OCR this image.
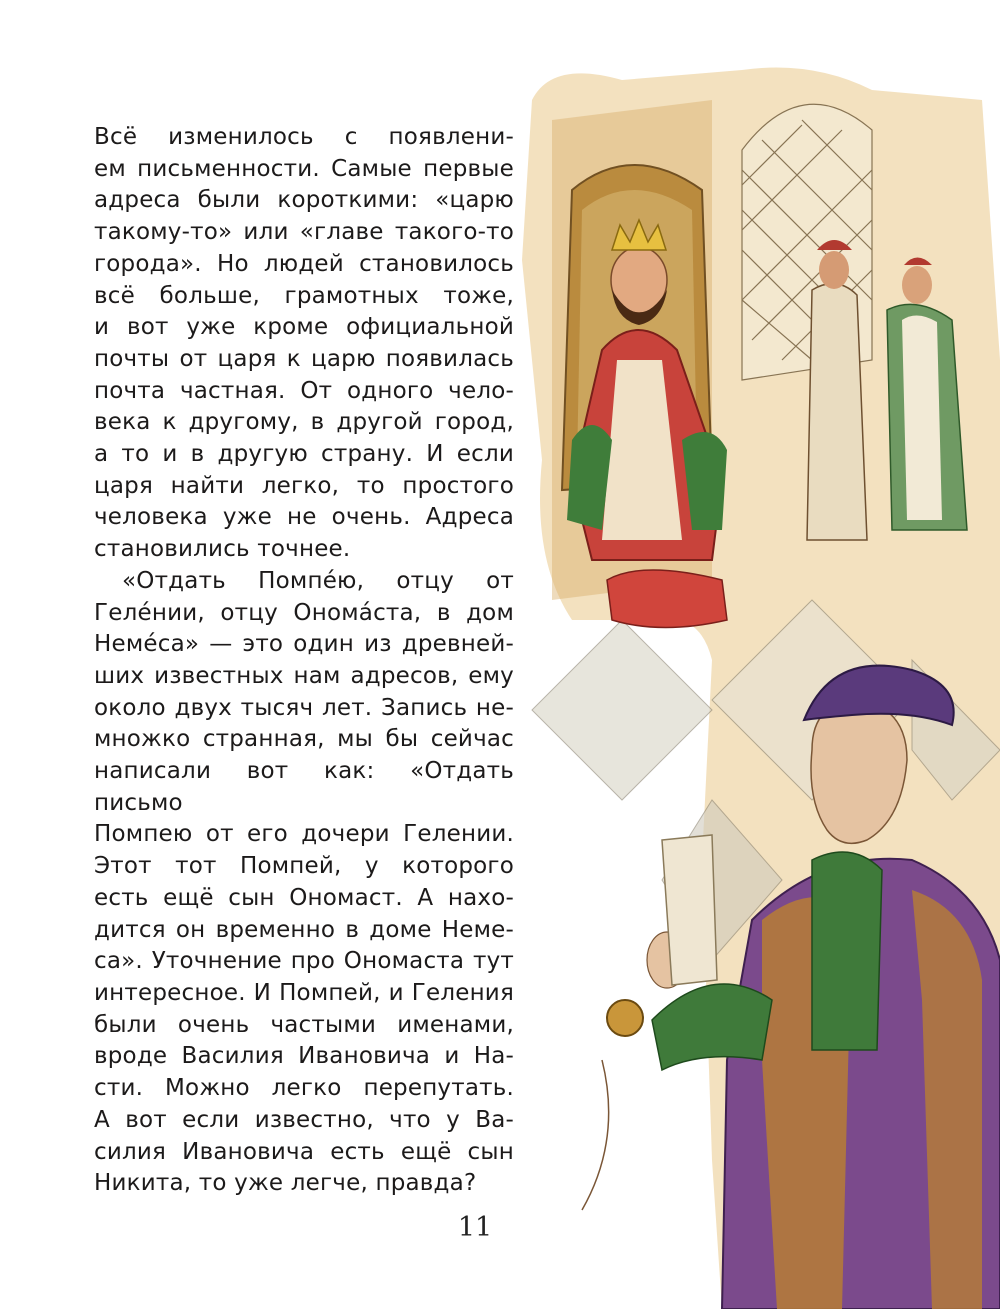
Всё изменилось с появлени-
ем письменности. Самые первые
адреса были короткими: «царю
такому-то» или «главе такого-то
города». Но людей становилось
всё больше, грамотных тоже,
и вот уже кроме официальной
почты от царя к царю появилась
почта частная. От одного чело-
века к другому, в другой город,
а то и в другую страну. И если
царя найти легко, то простого
человека уже не очень. Адреса
становились точнее.

«Отдать Помпе́ю, отцу от
Геле́нии, отцу Онома́ста, в дом
Неме́са» — это один из древней-
ших известных нам адресов, ему
около двух тысяч лет. Запись не-
множко странная, мы бы сейчас
написали вот как: «Отдать письмо
Помпею от его дочери Гелении.
Этот тот Помпей, у которого
есть ещё сын Ономаст. А нахо-
дится он временно в доме Неме-
са». Уточнение про Ономаста тут
интересное. И Помпей, и Геления
были очень частыми именами,
вроде Василия Ивановича и На-
сти. Можно легко перепутать.
А вот если известно, что у Ва-
силия Ивановича есть ещё сын
Никита, то уже легче, правда?

11
